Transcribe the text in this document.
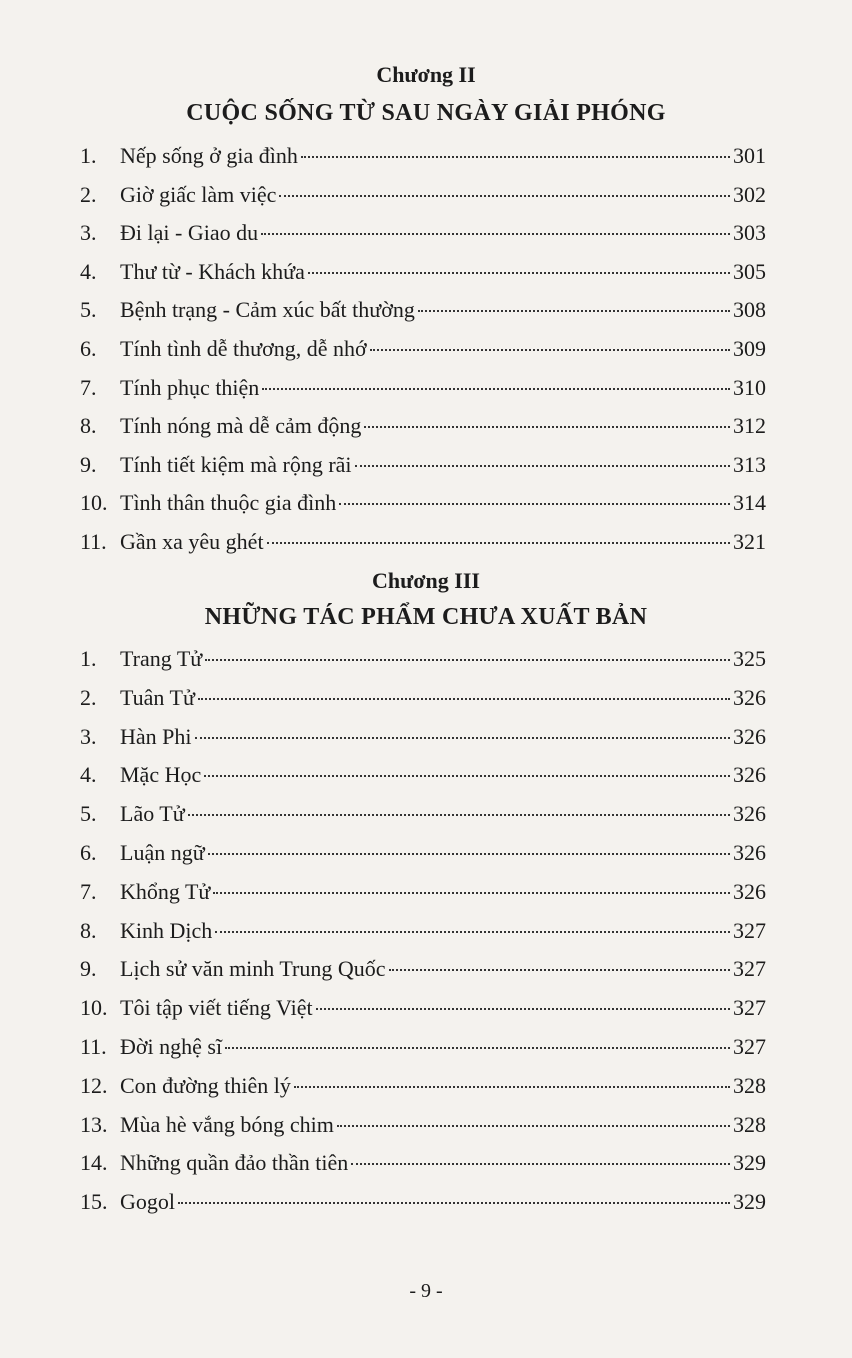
Chương II
CUỘC SỐNG TỪ SAU NGÀY GIẢI PHÓNG
1.	Nếp sống ở gia đình	301
2.	Giờ giấc làm việc	302
3.	Đi lại - Giao du	303
4.	Thư từ - Khách khứa	305
5.	Bệnh trạng - Cảm xúc bất thường	308
6.	Tính tình dễ thương, dễ nhớ	309
7.	Tính phục thiện	310
8.	Tính nóng mà dễ cảm động	312
9.	Tính tiết kiệm mà rộng rãi	313
10. Tình thân thuộc gia đình	314
11. Gần xa yêu ghét	321
Chương III
NHỮNG TÁC PHẨM CHƯA XUẤT BẢN
1.	Trang Tử	325
2.	Tuân Tử	326
3.	Hàn Phi	326
4.	Mặc Học	326
5.	Lão Tử	326
6.	Luận ngữ	326
7.	Khổng Tử	326
8.	Kinh Dịch	327
9.	Lịch sử văn minh Trung Quốc	327
10. Tôi tập viết tiếng Việt	327
11. Đời nghệ sĩ	327
12. Con đường thiên lý	328
13. Mùa hè vắng bóng chim	328
14. Những quần đảo thần tiên	329
15. Gogol	329
- 9 -
